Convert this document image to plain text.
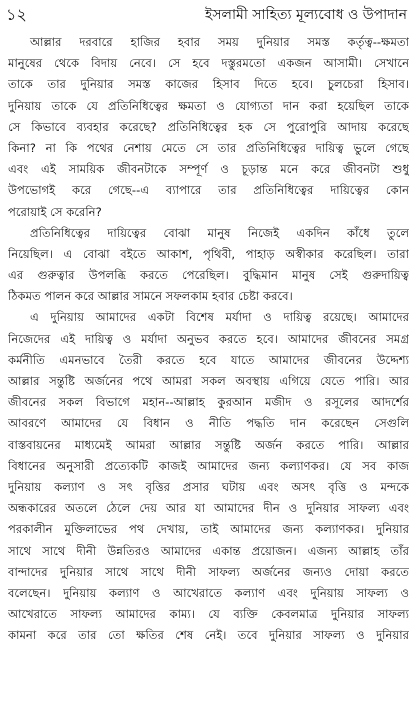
১২	ইসলামী সাহিত্য মূল্যবোধ ও উপাদান
আল্লার দরবারে হাজির হবার সময় দুনিয়ার সমস্ত কর্তৃত্ব--ক্ষমতা
মানুষের থেকে বিদায় নেবে। সে হবে দস্তুরমতো একজন আসামী। সেখানে
তাকে তার দুনিয়ার সমস্ত কাজের হিসাব দিতে হবে। চুলচেরা হিসাব।
দুনিয়ায় তাকে যে প্রতিনিধিত্বের ক্ষমতা ও যোগ্যতা দান করা হয়েছিল তাকে
সে কিভাবে ব্যবহার করেছে? প্রতিনিধিত্বের হক সে পুরোপুরি আদায় করেছে
কিনা? না কি পথের নেশায় মেতে সে তার প্রতিনিধিত্বের দায়িত্ব ভুলে গেছে
এবং এই সাময়িক জীবনটাকে সম্পূর্ণ ও চূড়ান্ত মনে করে জীবনটা শুধু
উপভোগই করে গেছে--এ ব্যাপারে তার প্রতিনিধিত্বের দায়িত্বের কোন
পরোয়াই সে করেনি?
প্রতিনিধিত্বের দায়িত্বের বোঝা মানুষ নিজেই একদিন কাঁধে তুলে
নিয়েছিল। এ বোঝা বইতে আকাশ, পৃথিবী, পাহাড় অস্বীকার করেছিল। তারা
এর গুরুত্বার উপলব্ধি করতে পেরেছিল। বুদ্ধিমান মানুষ সেই গুরুদায়িত্ব
ঠিকমত পালন করে আল্লার সামনে সফলকাম হবার চেষ্টা করবে।
এ দুনিয়ায় আমাদের একটা বিশেষ মর্যাদা ও দায়িত্ব রয়েছে। আমাদের
নিজেদের এই দায়িত্ব ও মর্যাদা অনুভব করতে হবে। আমাদের জীবনের সমগ্র
কর্মনীতি এমনভাবে তৈরী করতে হবে যাতে আমাদের জীবনের উদ্দেশ্য
আল্লার সন্তুষ্টি অর্জনের পথে আমরা সকল অবস্থায় এগিয়ে যেতে পারি। আর
জীবনের সকল বিভাগে মহান--আল্লাহ কুরআন মজীদ ও রসূলের আদর্শের
আবরণে আমাদের যে বিধান ও নীতি পদ্ধতি দান করেছেন সেগুলি
বাস্তবায়নের মাধ্যমেই আমরা আল্লার সন্তুষ্টি অর্জন করতে পারি। আল্লার
বিধানের অনুসারী প্রত্যেকটি কাজই আমাদের জন্য কল্যাণকর। যে সব কাজ
দুনিয়ায় কল্যাণ ও সৎ বৃত্তির প্রসার ঘটায় এবং অসৎ বৃত্তি ও মন্দকে
অন্ধকারের অতলে ঠেলে দেয় আর যা আমাদের দীন ও দুনিয়ার সাফল্য এবং
পরকালীন মুক্তিলাভের পথ দেখায়, তাই আমাদের জন্য কল্যাণকর। দুনিয়ার
সাথে সাথে দীনী উন্নতিরও আমাদের একান্ত প্রয়োজন। এজন্য আল্লাহ তাঁর
বান্দাদের দুনিয়ার সাথে সাথে দীনী সাফল্য অর্জনের জন্যও দোয়া করতে
বলেছেন। দুনিয়ায় কল্যাণ ও আখেরাতে কল্যাণ এবং দুনিয়ায় সাফল্য ও
আখেরাতে সাফল্য আমাদের কাম্য। যে ব্যক্তি কেবলমাত্র দুনিয়ার সাফল্য
কামনা করে তার তো ক্ষতির শেষ নেই। তবে দুনিয়ার সাফল্য ও দুনিয়ার
